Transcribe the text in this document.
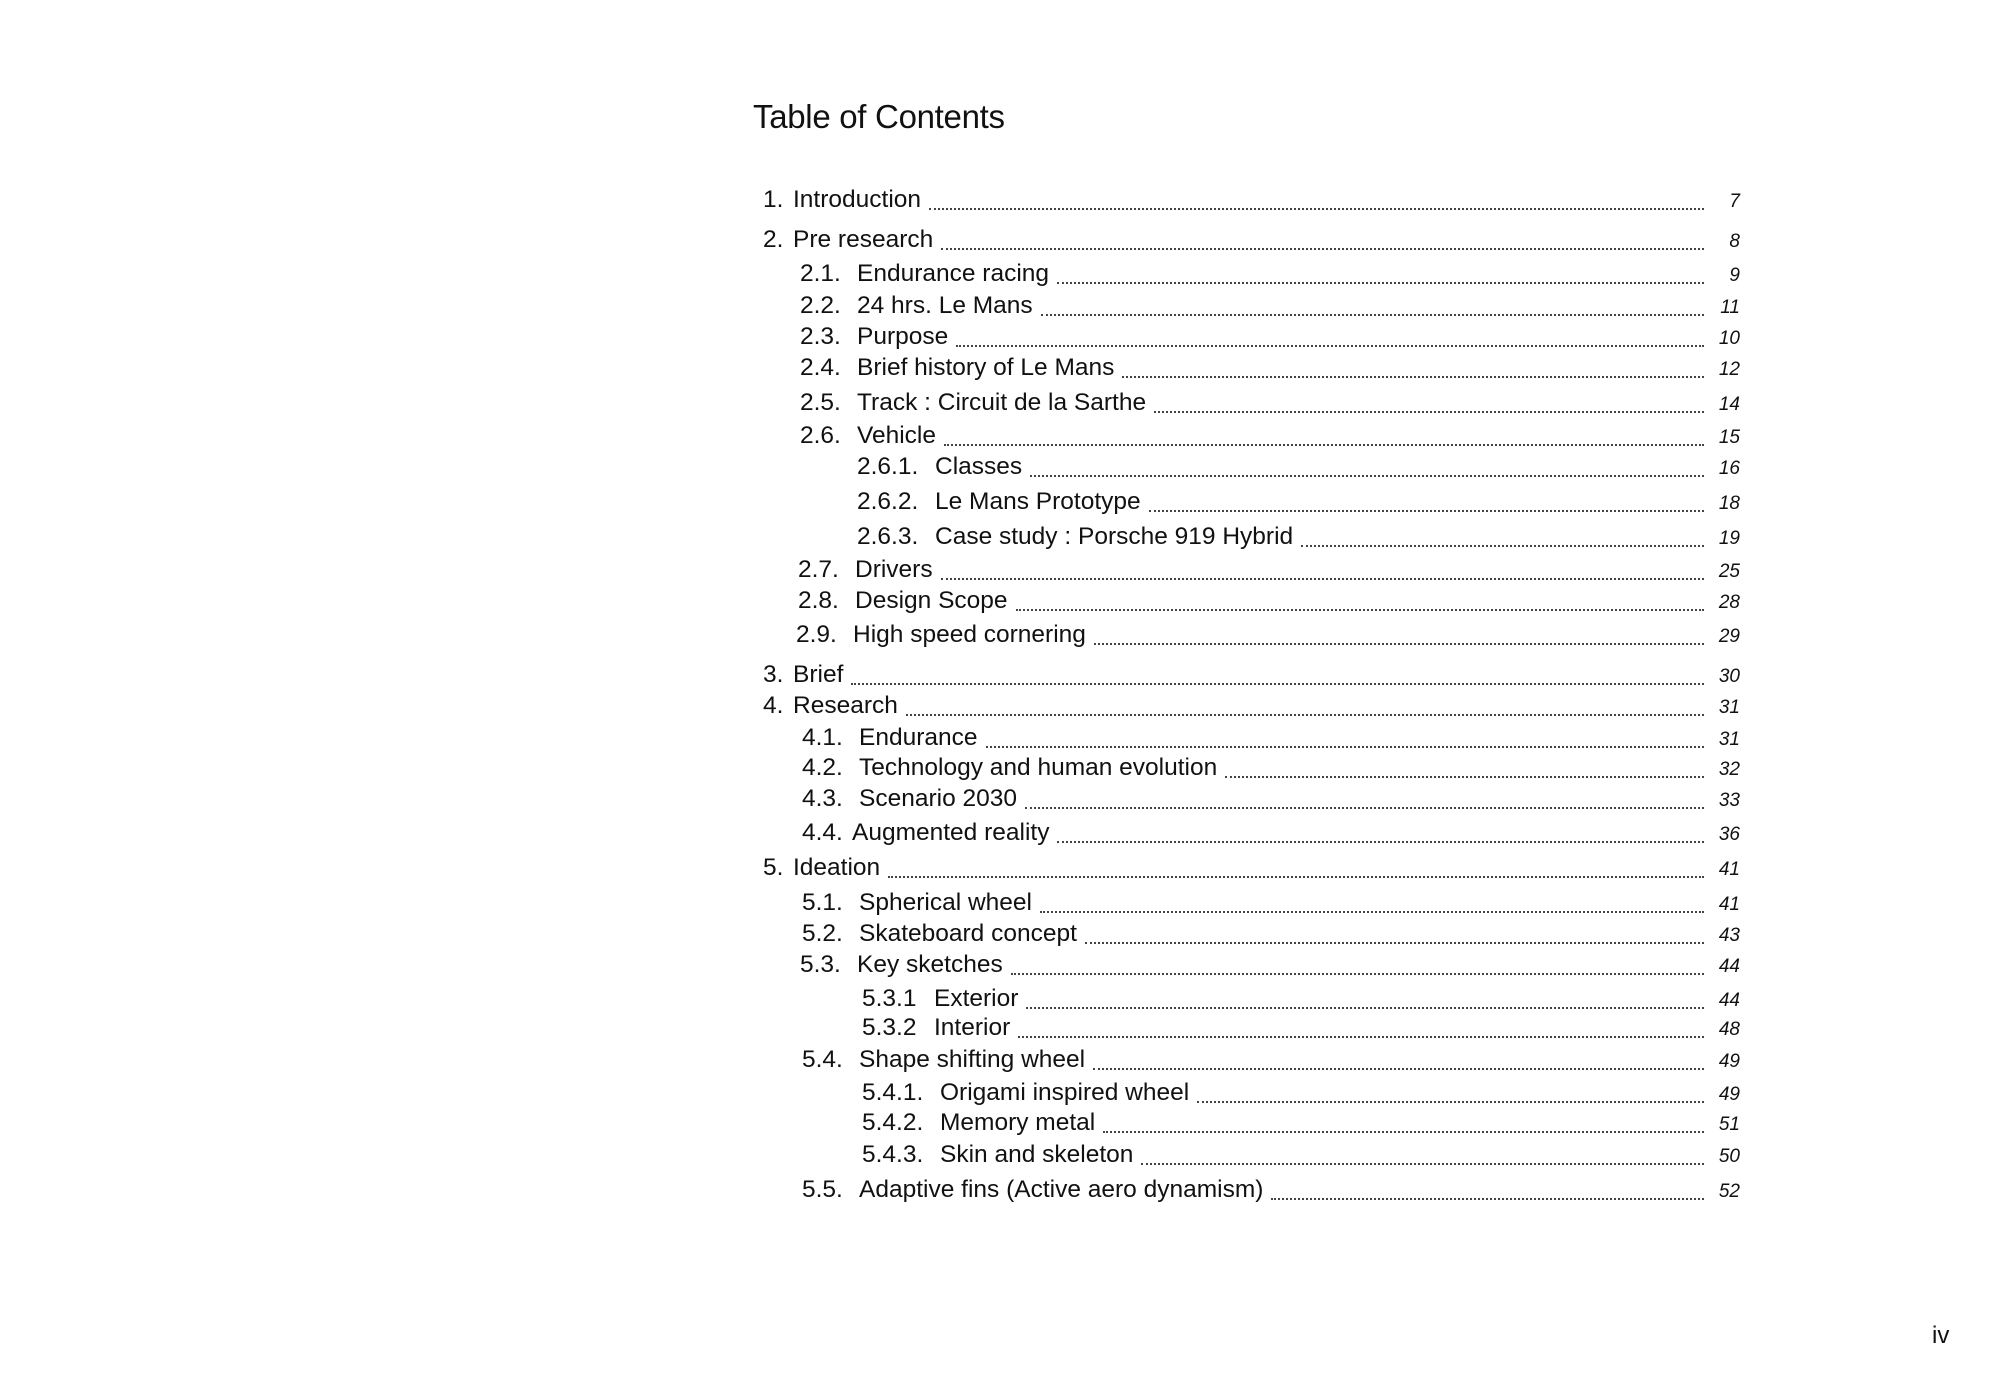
Table of Contents
1. Introduction	7
2. Pre research	8
2.1. Endurance racing	9
2.2. 24 hrs. Le Mans	11
2.3. Purpose	10
2.4. Brief history of Le Mans	12
2.5. Track : Circuit de la Sarthe	14
2.6. Vehicle	15
2.6.1. Classes	16
2.6.2. Le Mans Prototype	18
2.6.3. Case study : Porsche 919 Hybrid	19
2.7. Drivers	25
2.8. Design Scope	28
2.9. High speed cornering	29
3. Brief	30
4. Research	31
4.1. Endurance	31
4.2. Technology and human evolution	32
4.3. Scenario 2030	33
4.4. Augmented reality	36
5. Ideation	41
5.1. Spherical wheel	41
5.2. Skateboard concept	43
5.3. Key sketches	44
5.3.1 Exterior	44
5.3.2 Interior	48
5.4. Shape shifting wheel	49
5.4.1. Origami inspired wheel	49
5.4.2. Memory metal	51
5.4.3. Skin and skeleton	50
5.5. Adaptive fins (Active aero dynamism)	52

iv
